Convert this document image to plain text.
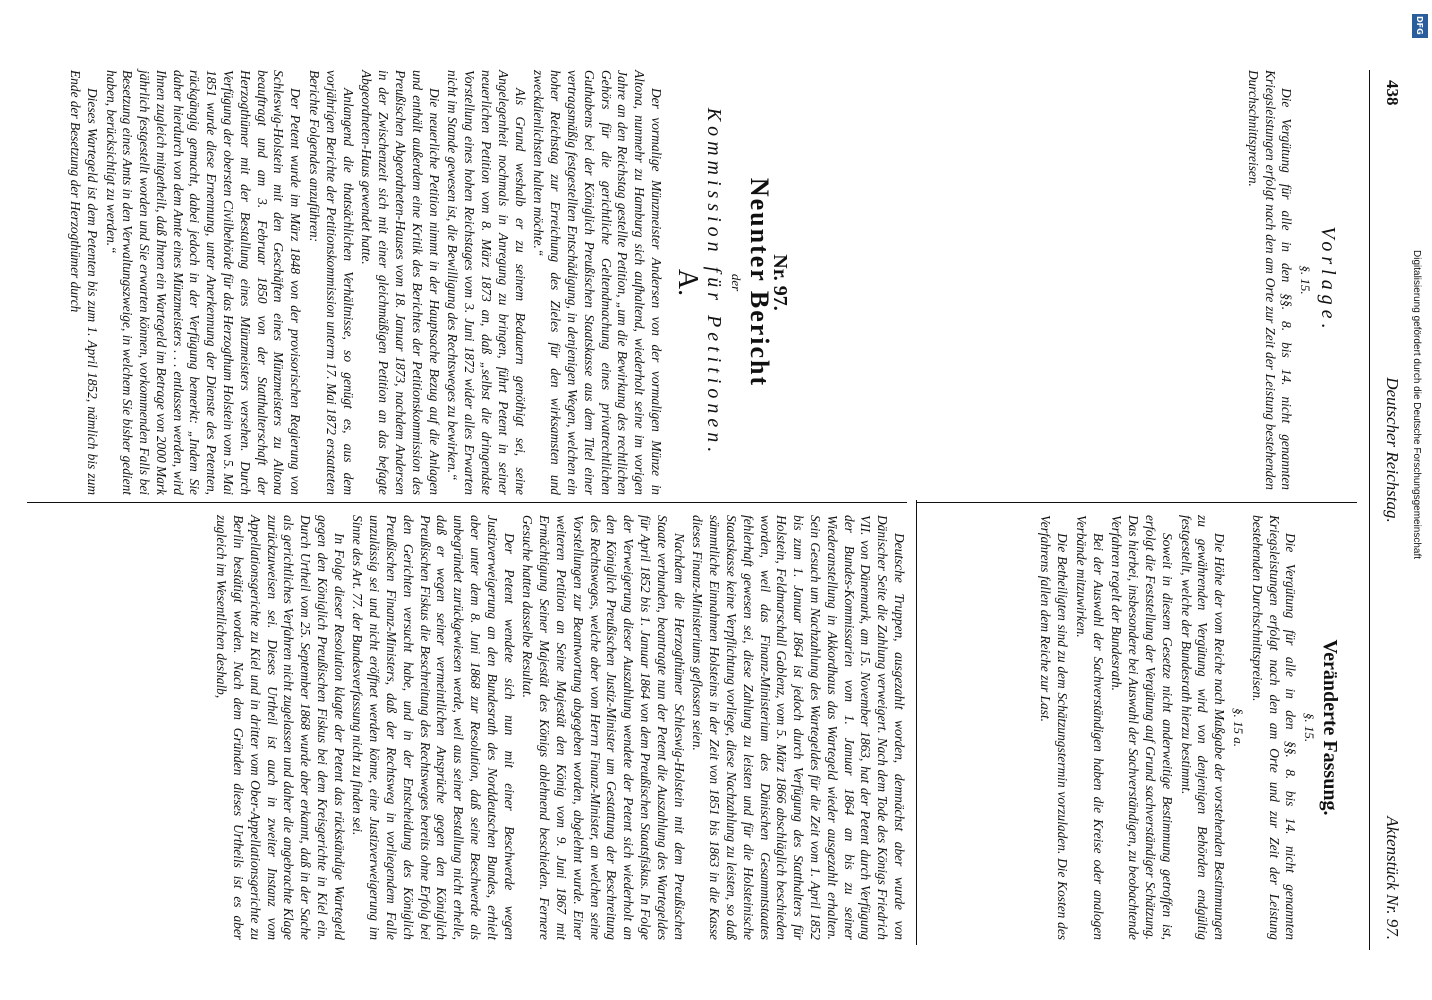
438
Deutscher Reichstag.
Aktenstück Nr. 97.
Vorlage.
§. 15.

Die Vergütung für alle in den §§. 8. bis 14. nicht genannten Kriegsleistungen erfolgt nach den am Orte zur Zeit der Leistung bestehenden Durchschnittspreisen.

Veränderte Fassung.
§. 15.

Die Vergütung für alle in den §§. 8. bis 14. nicht genannten Kriegsleistungen erfolgt nach den am Orte und zur Zeit der Leistung bestehenden Durchschnittspreisen.

§. 15 a.

Die Höhe der vom Reiche nach Maßgabe der vorstehenden Bestimmungen zu gewährenden Vergütung wird von denjenigen Behörden endgültig festgestellt, welche der Bundesrath hierzu bestimmt.

Soweit in diesem Gesetze nicht anderweitige Bestimmung getroffen ist, erfolgt die Feststellung der Vergütung auf Grund sachverständiger Schätzung. Das hierbei, insbesondere bei Auswahl der Sachverständigen, zu beobachtende Verfahren regelt der Bundesrath.

Bei der Auswahl der Sachverständigen haben die Kreise oder analogen Verbände mitzuwirken.

Die Betheiligten sind zu dem Schätzungstermin vorzuladen. Die Kosten des Verfahrens fallen dem Reiche zur Last.

Nr. 97.
Neunter Bericht
der
Kommission für Petitionen.
A.

Der vormalige Münzmeister Andersen von der vormaligen Münze in Altona, nunmehr zu Hamburg sich aufhaltend, wiederholt seine im vorigen Jahre an den Reichstag gestellte Petition, „um die Bewirkung des rechtlichen Gehörs für die gerichtliche Geltendmachung eines privatrechtlichen Guthabens bei der Königlich Preußischen Staatskasse aus dem Titel einer vertragsmäßig festgestellten Entschädigung, in denjenigen Wegen, welchen ein hoher Reichstag zur Erreichung des Zieles für den wirksamsten und zweckdienlichsten halten möchte.“

Als Grund weshalb er zu seinem Bedauern genöthigt sei, seine Angelegenheit nochmals in Anregung zu bringen, führt Petent in seiner neuerlichen Petition vom 8. März 1873 an, daß „selbst die dringendste Vorstellung eines hohen Reichstages vom 3. Juni 1872 wider alles Erwarten nicht im Stande gewesen ist, die Bewilligung des Rechtsweges zu bewirken.“

Die neuerliche Petition nimmt in der Hauptsache Bezug auf die Anlagen und enthält außerdem eine Kritik des Berichtes der Petitionskommission des Preußischen Abgeordneten-Hauses vom 18. Januar 1873, nachdem Andersen in der Zwischenzeit sich mit einer gleichmäßigen Petition an das befagte Abgeordneten-Haus gewendet hatte.

Anlangend die thatsächlichen Verhältnisse, so genügt es, aus dem vorjährigen Berichte der Petitionskommission unterm 17. Mai 1872 erstatteten Berichte Folgendes anzuführen:

Der Petent wurde im März 1848 von der provisorischen Regierung von Schleswig-Holstein mit den Geschäften eines Münzmeisters zu Altona beauftragt und am 3. Februar 1850 von der Statthalterschaft der Herzogthümer mit der Bestallung eines Münzmeisters versehen. Durch Verfügung der obersten Civilbehörde für das Herzogthum Holstein vom 5. Mai 1851 wurde diese Ernennung, unter Anerkennung der Dienste des Petenten, rückgängig gemacht, dabei jedoch in der Verfügung bemerkt: „Indem Sie daher hierdurch von dem Amte eines Münzmeisters . . . entlassen werden, wird Ihnen zugleich mitgetheilt, daß Ihnen ein Wartegeld im Betrage von 2000 Mark jährlich festgestellt worden und Sie erwarten können, vorkommenden Falls bei Besetzung eines Amts in den Verwaltungszweige, in welchem Sie bisher gedient haben, berücksichtigt zu werden.“

Dieses Wartegeld ist dem Petenten bis zum 1. April 1852, nämlich bis zum Ende der Besetzung der Herzogthümer durch

Deutsche Truppen, ausgezahlt worden, demnächst aber wurde von Dänischer Seite die Zahlung verweigert. Nach dem Tode des Königs Friedrich VII. von Dänemark, am 15. November 1863, hat der Petent durch Verfügung der Bundes-Kommissarien vom 1. Januar 1864 an bis zu seiner Wiederanstellung in Akkordhaus das Wartegeld wieder ausgezahlt erhalten. Sein Gesuch um Nachzahlung des Wartegeldes für die Zeit vom 1. April 1852 bis zum 1. Januar 1864 ist jedoch durch Verfügung des Statthalters für Holstein, Feldmarschall Gablenz, vom 5. März 1866 abschläglich beschieden worden, weil das Finanz-Ministerium des Dänischen Gesammtstaates fehlerhaft gewesen sei, diese Zahlung zu leisten und für die Holsteinische Staatskasse keine Verpflichtung vorliege, diese Nachzahlung zu leisten, so daß sämmtliche Einnahmen Holsteins in der Zeit von 1851 bis 1863 in die Kasse dieses Finanz-Ministeriums geflossen seien.

Nachdem die Herzogthümer Schleswig-Holstein mit dem Preußischen Staate verbunden, beantragte nun der Petent die Auszahlung des Wartegeldes für April 1852 bis 1. Januar 1864 von dem Preußischen Staatsfiskus. In Folge der Verweigerung dieser Auszahlung wendete der Petent sich wiederholt an den Königlich Preußischen Justiz-Minister um Gestattung der Beschreitung des Rechtsweges, welche aber vom Herrn Finanz-Minister, an welchen seine Vorstellungen zur Beantwortung abgegeben worden, abgelehnt wurde. Einer weiteren Petition an Seine Majestät den König vom 9. Juni 1867 mit Ermächtigung Seiner Majestät des Königs ablehnend beschieden. Fernere Gesuche hatten dasselbe Resultat.

Der Petent wendete sich nun mit einer Beschwerde wegen Justizverweigerung an den Bundesrath des Norddeutschen Bundes, erhielt aber unter dem 8. Juni 1868 zur Resolution, daß seine Beschwerde als unbegründet zurückgewiesen werde, weil aus seiner Bestallung nicht erhelle, daß er wegen seiner vermeintlichen Ansprüche gegen den Königlich Preußischen Fiskus die Beschreitung des Rechtsweges bereits ohne Erfolg bei den Gerichten versucht habe, und in der Entscheidung des Königlich Preußischen Finanz-Ministers, daß der Rechtsweg in vorliegendem Falle unzulässig sei und nicht eröffnet werden könne, eine Justizverweigerung im Sinne des Art. 77. der Bundesverfassung nicht zu finden sei.

In Folge dieser Resolution klagte der Petent das rückständige Wartegeld gegen den Königlich Preußischen Fiskus bei dem Kreisgerichte in Kiel ein. Durch Urtheil vom 25. September 1868 wurde aber erkannt, daß in der Sache als gerichtliches Verfahren nicht zugelassen und daher die angebrachte Klage zurückzuweisen sei. Dieses Urtheil ist auch in zweiter Instanz vom Appellationsgerichte zu Kiel und in dritter vom Ober-Appellationsgerichte zu Berlin bestätigt worden. Nach dem Gründen dieses Urtheils ist es aber zugleich im Wesentlichen deshalb,

DFG
Digitalisierung gefördert durch die Deutsche Forschungsgemeinschaft
